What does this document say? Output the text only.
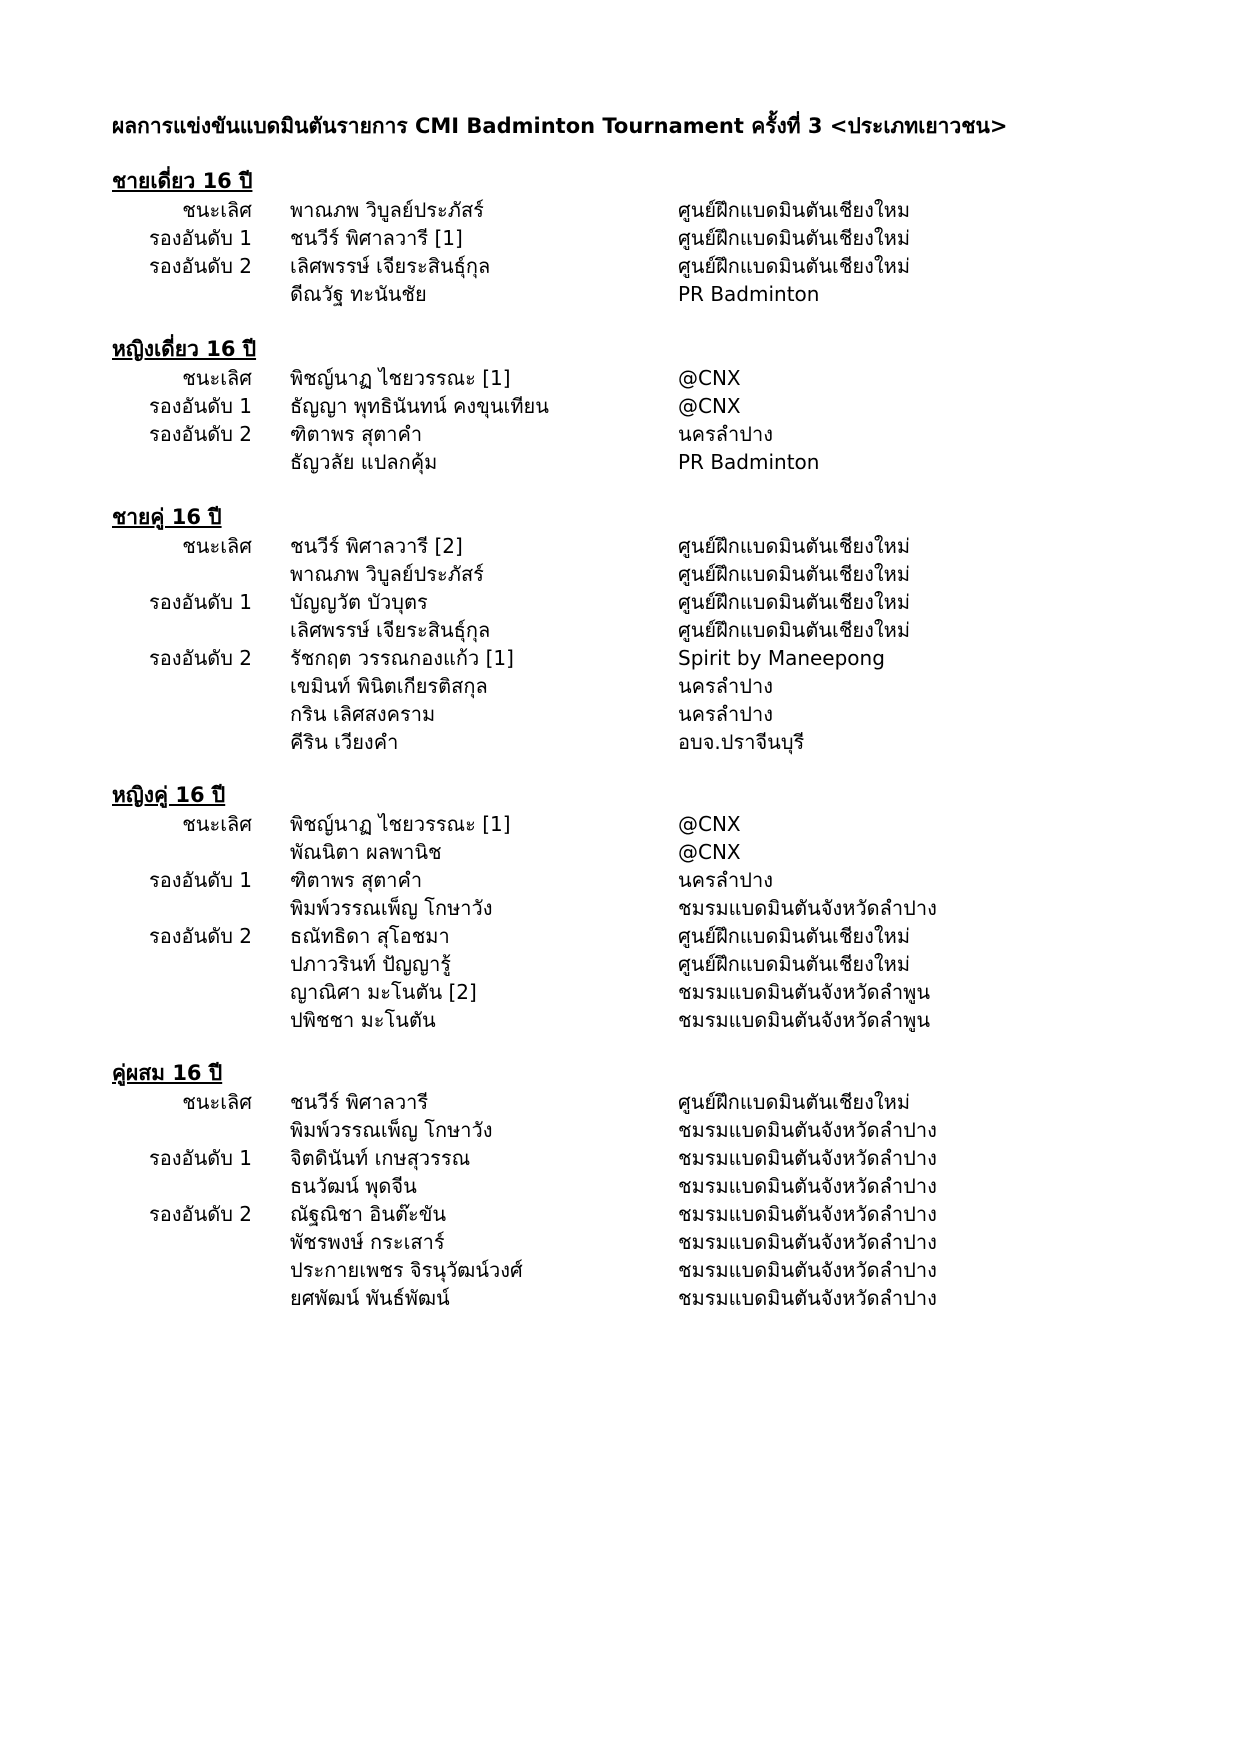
ผลการแข่งขันแบดมินตันรายการ CMI Badminton Tournament ครั้งที่ 3 <ประเภทเยาวชน>
ชายเดี่ยว 16 ปี
ชนะเลิศ พาณภพ วิบูลย์ประภัสร์	ศูนย์ฝึกแบดมินตันเชียงใหม
รองอันดับ 1 ชนวีร์ พิศาลวารี [1]	ศูนย์ฝึกแบดมินตันเชียงใหม่
รองอันดับ 2 เลิศพรรษ์ เจียระสินธุ์กุล	ศูนย์ฝึกแบดมินตันเชียงใหม่
ดีณวัฐ ทะนันชัย	PR Badminton
หญิงเดี่ยว 16 ปี
ชนะเลิศ พิชญ์นาฏ ไชยวรรณะ [1]	@CNX
รองอันดับ 1 ธัญญา พุทธินันทน์ คงขุนเทียน	@CNX
รองอันดับ 2 ฑิตาพร สุตาคำ	นครลำปาง
ธัญวลัย แปลกคุ้ม	PR Badminton
ชายคู่ 16 ปี
ชนะเลิศ ชนวีร์ พิศาลวารี [2]	ศูนย์ฝึกแบดมินตันเชียงใหม่
พาณภพ วิบูลย์ประภัสร์	ศูนย์ฝึกแบดมินตันเชียงใหม่
รองอันดับ 1 บัญญวัต บัวบุตร	ศูนย์ฝึกแบดมินตันเชียงใหม่
เลิศพรรษ์ เจียระสินธุ์กุล	ศูนย์ฝึกแบดมินตันเชียงใหม่
รองอันดับ 2 รัชกฤต วรรณกองแก้ว [1]	Spirit by Maneepong
เขมินท์ พินิตเกียรติสกุล	นครลำปาง
กริน เลิศสงคราม	นครลำปาง
คีริน เวียงคำ	อบจ.ปราจีนบุรี
หญิงคู่ 16 ปี
ชนะเลิศ พิชญ์นาฏ ไชยวรรณะ [1]	@CNX
พัณนิตา ผลพานิช	@CNX
รองอันดับ 1 ฑิตาพร สุตาคำ	นครลำปาง
พิมพ์วรรณเพ็ญ โกษาวัง	ชมรมแบดมินตันจังหวัดลำปาง
รองอันดับ 2 ธณัทธิดา สุโอชมา	ศูนย์ฝึกแบดมินตันเชียงใหม่
ปภาวรินท์ ปัญญารู้	ศูนย์ฝึกแบดมินตันเชียงใหม่
ญาณิศา มะโนตัน [2]	ชมรมแบดมินตันจังหวัดลำพูน
ปพิชชา มะโนตัน	ชมรมแบดมินตันจังหวัดลำพูน
คู่ผสม 16 ปี
ชนะเลิศ ชนวีร์ พิศาลวารี	ศูนย์ฝึกแบดมินตันเชียงใหม่
พิมพ์วรรณเพ็ญ โกษาวัง	ชมรมแบดมินตันจังหวัดลำปาง
รองอันดับ 1 จิตดินันท์ เกษสุวรรณ	ชมรมแบดมินตันจังหวัดลำปาง
ธนวัฒน์ พุดจีน	ชมรมแบดมินตันจังหวัดลำปาง
รองอันดับ 2 ณัฐณิชา อินต๊ะขัน	ชมรมแบดมินตันจังหวัดลำปาง
พัชรพงษ์ กระเสาร์	ชมรมแบดมินตันจังหวัดลำปาง
ประกายเพชร จิรนุวัฒน์วงศ์	ชมรมแบดมินตันจังหวัดลำปาง
ยศพัฒน์ พันธ์พัฒน์	ชมรมแบดมินตันจังหวัดลำปาง
